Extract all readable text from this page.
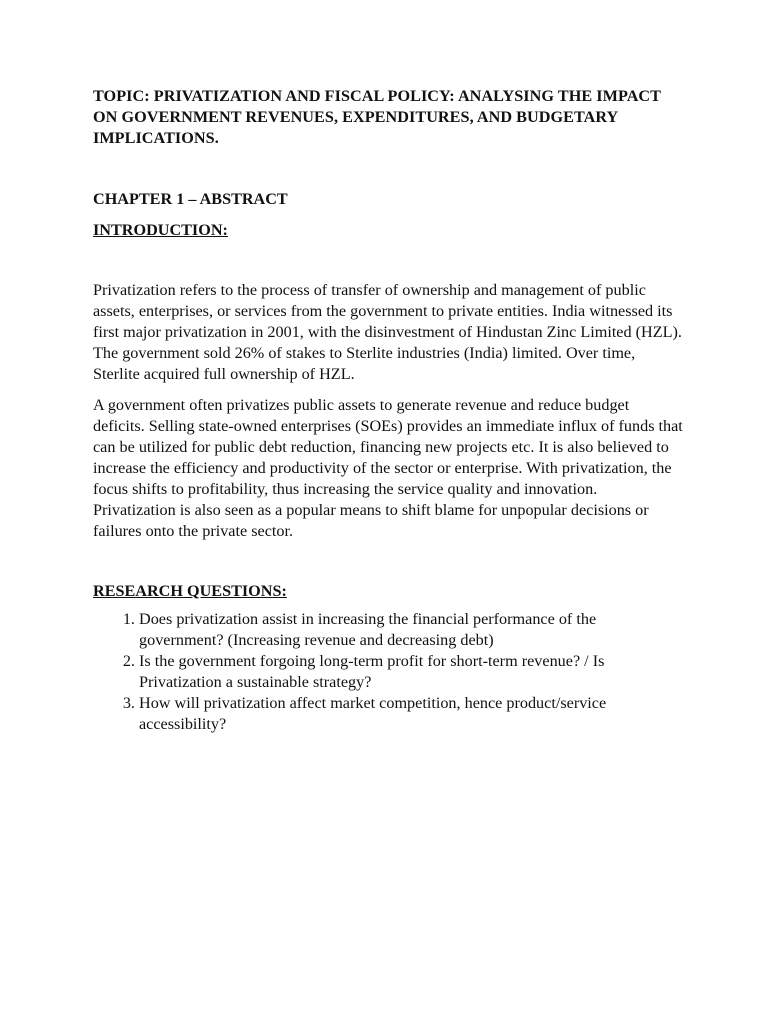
TOPIC: PRIVATIZATION AND FISCAL POLICY: ANALYSING THE IMPACT ON GOVERNMENT REVENUES, EXPENDITURES, AND BUDGETARY IMPLICATIONS.

CHAPTER 1 – ABSTRACT

INTRODUCTION:

Privatization refers to the process of transfer of ownership and management of public assets, enterprises, or services from the government to private entities. India witnessed its first major privatization in 2001, with the disinvestment of Hindustan Zinc Limited (HZL). The government sold 26% of stakes to Sterlite industries (India) limited. Over time, Sterlite acquired full ownership of HZL.

A government often privatizes public assets to generate revenue and reduce budget deficits. Selling state-owned enterprises (SOEs) provides an immediate influx of funds that can be utilized for public debt reduction, financing new projects etc. It is also believed to increase the efficiency and productivity of the sector or enterprise. With privatization, the focus shifts to profitability, thus increasing the service quality and innovation. Privatization is also seen as a popular means to shift blame for unpopular decisions or failures onto the private sector.

RESEARCH QUESTIONS:

1. Does privatization assist in increasing the financial performance of the government? (Increasing revenue and decreasing debt)
2. Is the government forgoing long-term profit for short-term revenue? / Is Privatization a sustainable strategy?
3. How will privatization affect market competition, hence product/service accessibility?
